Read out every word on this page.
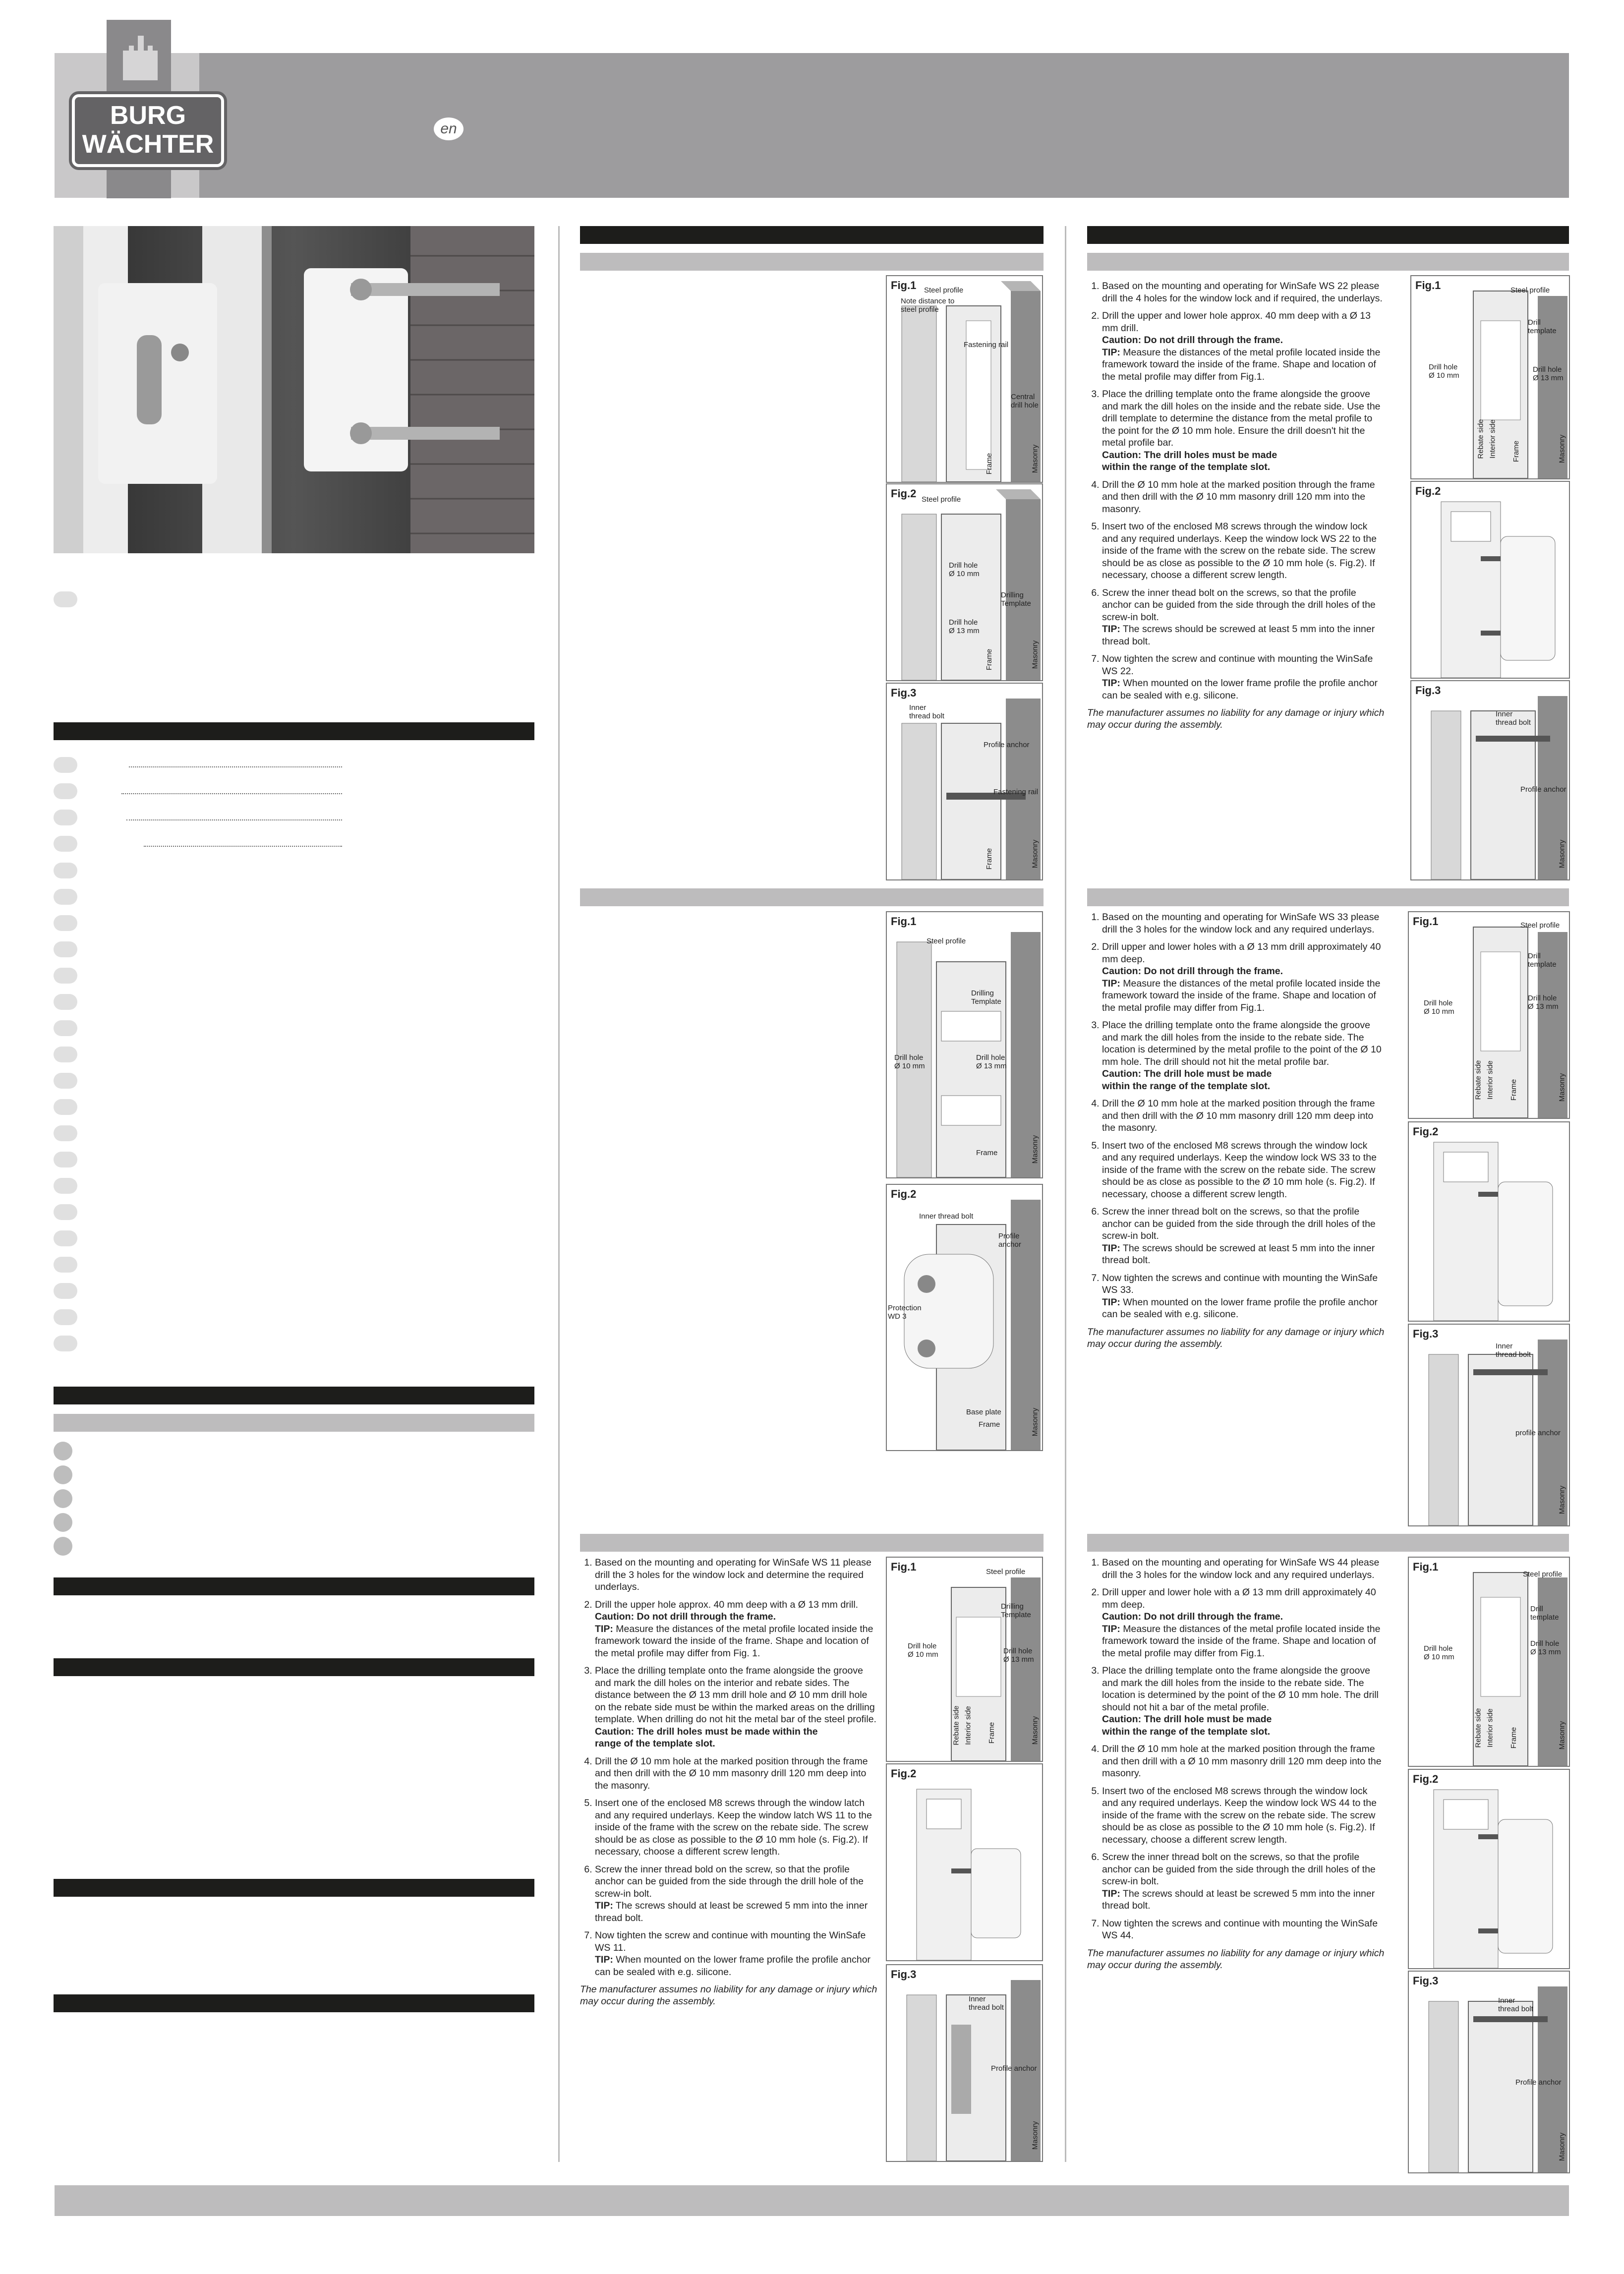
BURG
WÄCHTER
en
1. Based on the mounting and operating for WinSafe WS 22 please drill the 4 holes for the window lock and if required, the underlays.
2. Drill the upper and lower hole approx. 40 mm deep with a Ø 13 mm drill.
Caution: Do not drill through the frame.
TIP: Measure the distances of the metal profile located inside the framework toward the inside of the frame. Shape and location of the metal profile may differ from Fig.1.
3. Place the drilling template onto the frame alongside the groove and mark the dill holes on the inside and the rebate side. Use the drill template to determine the distance from the metal profile to the point for the Ø 10 mm hole. Ensure the drill doesn't hit the metal profile bar.
Caution: The drill holes must be made
within the range of the template slot.
4. Drill the Ø 10 mm hole at the marked position through the frame and then drill with the Ø 10 mm masonry drill 120 mm into the masonry.
5. Insert two of the enclosed M8 screws through the window lock and any required underlays. Keep the window lock WS 22 to the inside of the frame with the screw on the rebate side. The screw should be as close as possible to the Ø 10 mm hole (s. Fig.2). If necessary, choose a different screw length.
6. Screw the inner thead bolt on the screws, so that the profile anchor can be guided from the side through the drill holes of the screw-in bolt.
TIP: The screws should be screwed at least 5 mm into the inner thread bolt.
7. Now tighten the screw and continue with mounting the WinSafe WS 22.
TIP: When mounted on the lower frame profile the profile anchor can be sealed with e.g. silicone.
The manufacturer assumes no liability for any damage or injury which may occur during the assembly.
1. Based on the mounting and operating for WinSafe WS 33 please drill the 3 holes for the window lock and any required underlays.
2. Drill upper and lower holes with a Ø 13 mm drill approximately 40 mm deep.
Caution: Do not drill through the frame.
TIP: Measure the distances of the metal profile located inside the framework toward the inside of the frame. Shape and location of the metal profile may differ from Fig.1.
3. Place the drilling template onto the frame alongside the groove and mark the dill holes from the inside to the rebate side. The location is determined by the metal profile to the point of the Ø 10 mm hole. The drill should not hit the metal profile bar.
Caution: The drill hole must be made
within the range of the template slot.
4. Drill the Ø 10 mm hole at the marked position through the frame and then drill with the Ø 10 mm masonry drill 120 mm deep into the masonry.
5. Insert two of the enclosed M8 screws through the window lock and any required underlays. Keep the window lock WS 33 to the inside of the frame with the screw on the rebate side. The screw should be as close as possible to the Ø 10 mm hole (s. Fig.2). If necessary, choose a different screw length.
6. Screw the inner thread bolt on the screws, so that the profile anchor can be guided from the side through the drill holes of the screw-in bolt.
TIP: The screws should be screwed at least 5 mm into the inner thread bolt.
7. Now tighten the screws and continue with mounting the WinSafe WS 33.
TIP: When mounted on the lower frame profile the profile anchor can be sealed with e.g. silicone.
The manufacturer assumes no liability for any damage or injury which may occur during the assembly.
1. Based on the mounting and operating for WinSafe WS 11 please drill the 3 holes for the window lock and determine the required underlays.
2. Drill the upper hole approx. 40 mm deep with a Ø 13 mm drill.
Caution: Do not drill through the frame.
TIP: Measure the distances of the metal profile located inside the framework toward the inside of the frame. Shape and location of the metal profile may differ from Fig. 1.
3. Place the drilling template onto the frame alongside the groove and mark the dill holes on the interior and rebate sides. The distance between the Ø 13 mm drill hole and Ø 10 mm drill hole on the rebate side must be within the marked areas on the drilling template. When drilling do not hit the metal bar of the steel profile.
Caution: The drill holes must be made within the
range of the template slot.
4. Drill the Ø 10 mm hole at the marked position through the frame and then drill with the Ø 10 mm masonry drill 120 mm deep into the masonry.
5. Insert one of the enclosed M8 screws through the window latch and any required underlays. Keep the window latch WS 11 to the inside of the frame with the screw on the rebate side. The screw should be as close as possible to the Ø 10 mm hole (s. Fig.2). If necessary, choose a different screw length.
6. Screw the inner thread bold on the screw, so that the profile anchor can be guided from the side through the drill hole of the screw-in bolt.
TIP: The screws should at least be screwed 5 mm into the inner thread bolt.
7. Now tighten the screw and continue with mounting the WinSafe WS 11.
TIP: When mounted on the lower frame profile the profile anchor can be sealed with e.g. silicone.
The manufacturer assumes no liability for any damage or injury which may occur during the assembly.
1. Based on the mounting and operating for WinSafe WS 44 please drill the 3 holes for the window lock and any required underlays.
2. Drill upper and lower hole with a Ø 13 mm drill approximately 40 mm deep.
Caution: Do not drill through the frame.
TIP: Measure the distances of the metal profile located inside the framework toward the inside of the frame. Shape and location of the metal profile may differ from Fig.1.
3. Place the drilling template onto the frame alongside the groove and mark the dill holes from the inside to the rebate side. The location is determined by the point of the Ø 10 mm hole. The drill should not hit a bar of the metal profile.
Caution: The drill hole must be made
within the range of the template slot.
4. Drill the Ø 10 mm hole at the marked position through the frame and then drill with a Ø 10 mm masonry drill 120 mm deep into the masonry.
5. Insert two of the enclosed M8 screws through the window lock and any required underlays. Keep the window lock WS 44 to the inside of the frame with the screw on the rebate side. The screw should be as close as possible to the Ø 10 mm hole (s. Fig.2). If necessary, choose a different screw length.
6. Screw the inner thread bolt on the screws, so that the profile anchor can be guided from the side through the drill holes of the screw-in bolt.
TIP: The screws should at least be screwed 5 mm into the inner thread bolt.
7. Now tighten the screws and continue with mounting the WinSafe WS 44.
The manufacturer assumes no liability for any damage or injury which may occur during the assembly.
Fig.1 Steel profile
Note distance to steel profile
Fastening rail
Central drill hole
Frame	Masonry
Fig.2 Steel profile
Drill hole Ø 10 mm
Drilling Template
Drill hole Ø 13 mm
Frame	Masonry
Fig.3
Inner thread bolt
Profile anchor
Fastening rail
Frame	Masonry
Fig.1
Steel profile
Drilling Template
Drill hole Ø 10 mm
Drill hole Ø 13 mm
Frame	Masonry
Fig.2
Inner thread bolt
Profile anchor
Protection WD 3
Base plate
Frame	Masonry
Fig.1	Steel profile
Drilling Template
Drill hole Ø 10 mm	Drill hole Ø 13 mm
Rebate side Interior side Frame	Masonry
Fig.2
Fig.3
Inner thread bolt
Profile anchor
Masonry
Fig.1	Steel profile
Drill template
Drill hole Ø 10 mm
Drill hole Ø 13 mm
Rebate side Interior side Frame	Masonry
Fig.2
Fig.3
Inner thread bolt
Profile anchor
Masonry
Fig.1	Steel profile
Drill template
Drill hole Ø 10 mm
Drill hole Ø 13 mm
Rebate side Interior side Frame	Masonry
Fig.2
Fig.3
Inner thread bolt
profile anchor
Masonry
Fig.1
Steel profile
Drill template
Drill hole Ø 10 mm
Drill hole Ø 13 mm
Rebate side Interior side Frame	Masonry
Fig.2
Fig.3
Inner thread bolt
Profile anchor
Masonry
